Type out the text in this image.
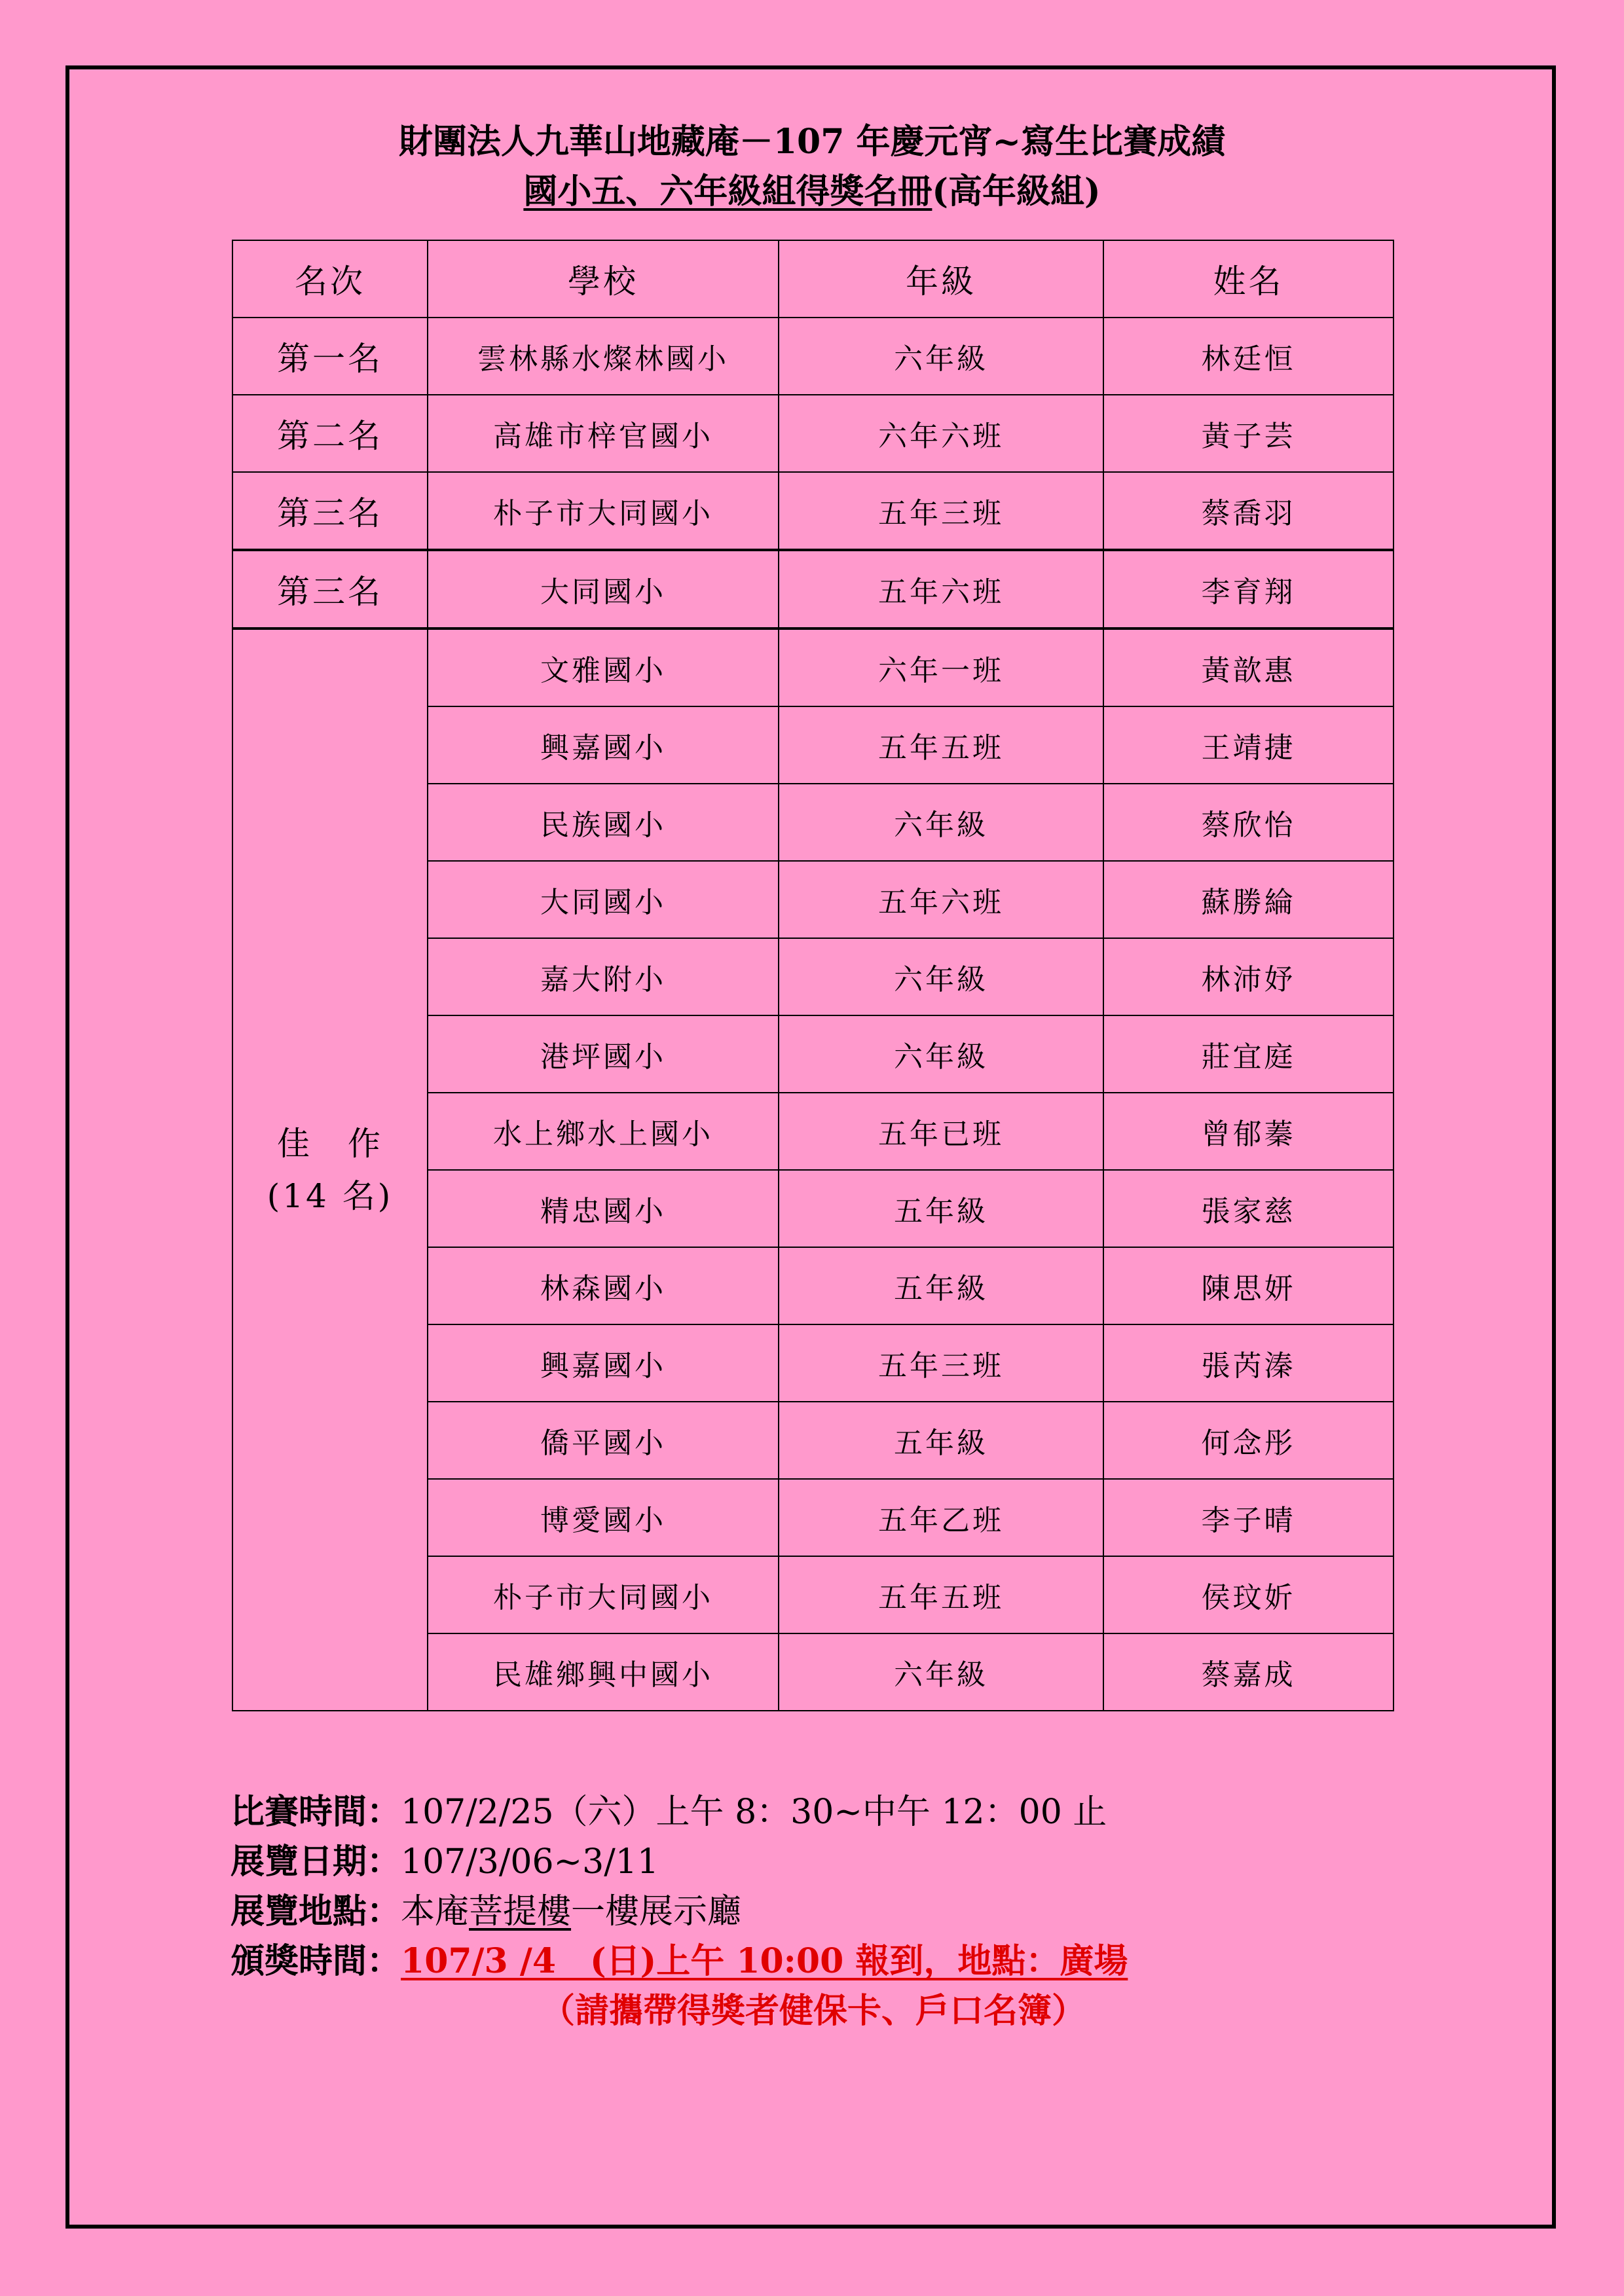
財團法人九華山地藏庵－107 年慶元宵~寫生比賽成績
國小五、六年級組得獎名冊(高年級組)
名次	學校	年級	姓名
第一名	雲林縣水燦林國小	六年級	林廷恒
第二名	高雄市梓官國小	六年六班	黃子芸
第三名	朴子市大同國小	五年三班	蔡喬羽
第三名	大同國小	五年六班	李育翔

佳　作
(14 名)	文雅國小	六年一班	黃歆惠
	興嘉國小	五年五班	王靖捷
	民族國小	六年級	蔡欣怡
	大同國小	五年六班	蘇勝綸
	嘉大附小	六年級	林沛妤
	港坪國小	六年級	莊宜庭
	水上鄉水上國小	五年已班	曾郁蓁
	精忠國小	五年級	張家慈
	林森國小	五年級	陳思妍
	興嘉國小	五年三班	張芮溱
	僑平國小	五年級	何念彤
	博愛國小	五年乙班	李子晴
	朴子市大同國小	五年五班	侯玟妡
	民雄鄉興中國小	六年級	蔡嘉成
比賽時間：107/2/25（六）上午 8：30~中午 12：00 止
展覽日期：107/3/06~3/11
展覽地點：本庵菩提樓一樓展示廳
頒獎時間：107/3 /4　(日)上午 10:00 報到，地點：廣場
（請攜帶得獎者健保卡、戶口名簿）
